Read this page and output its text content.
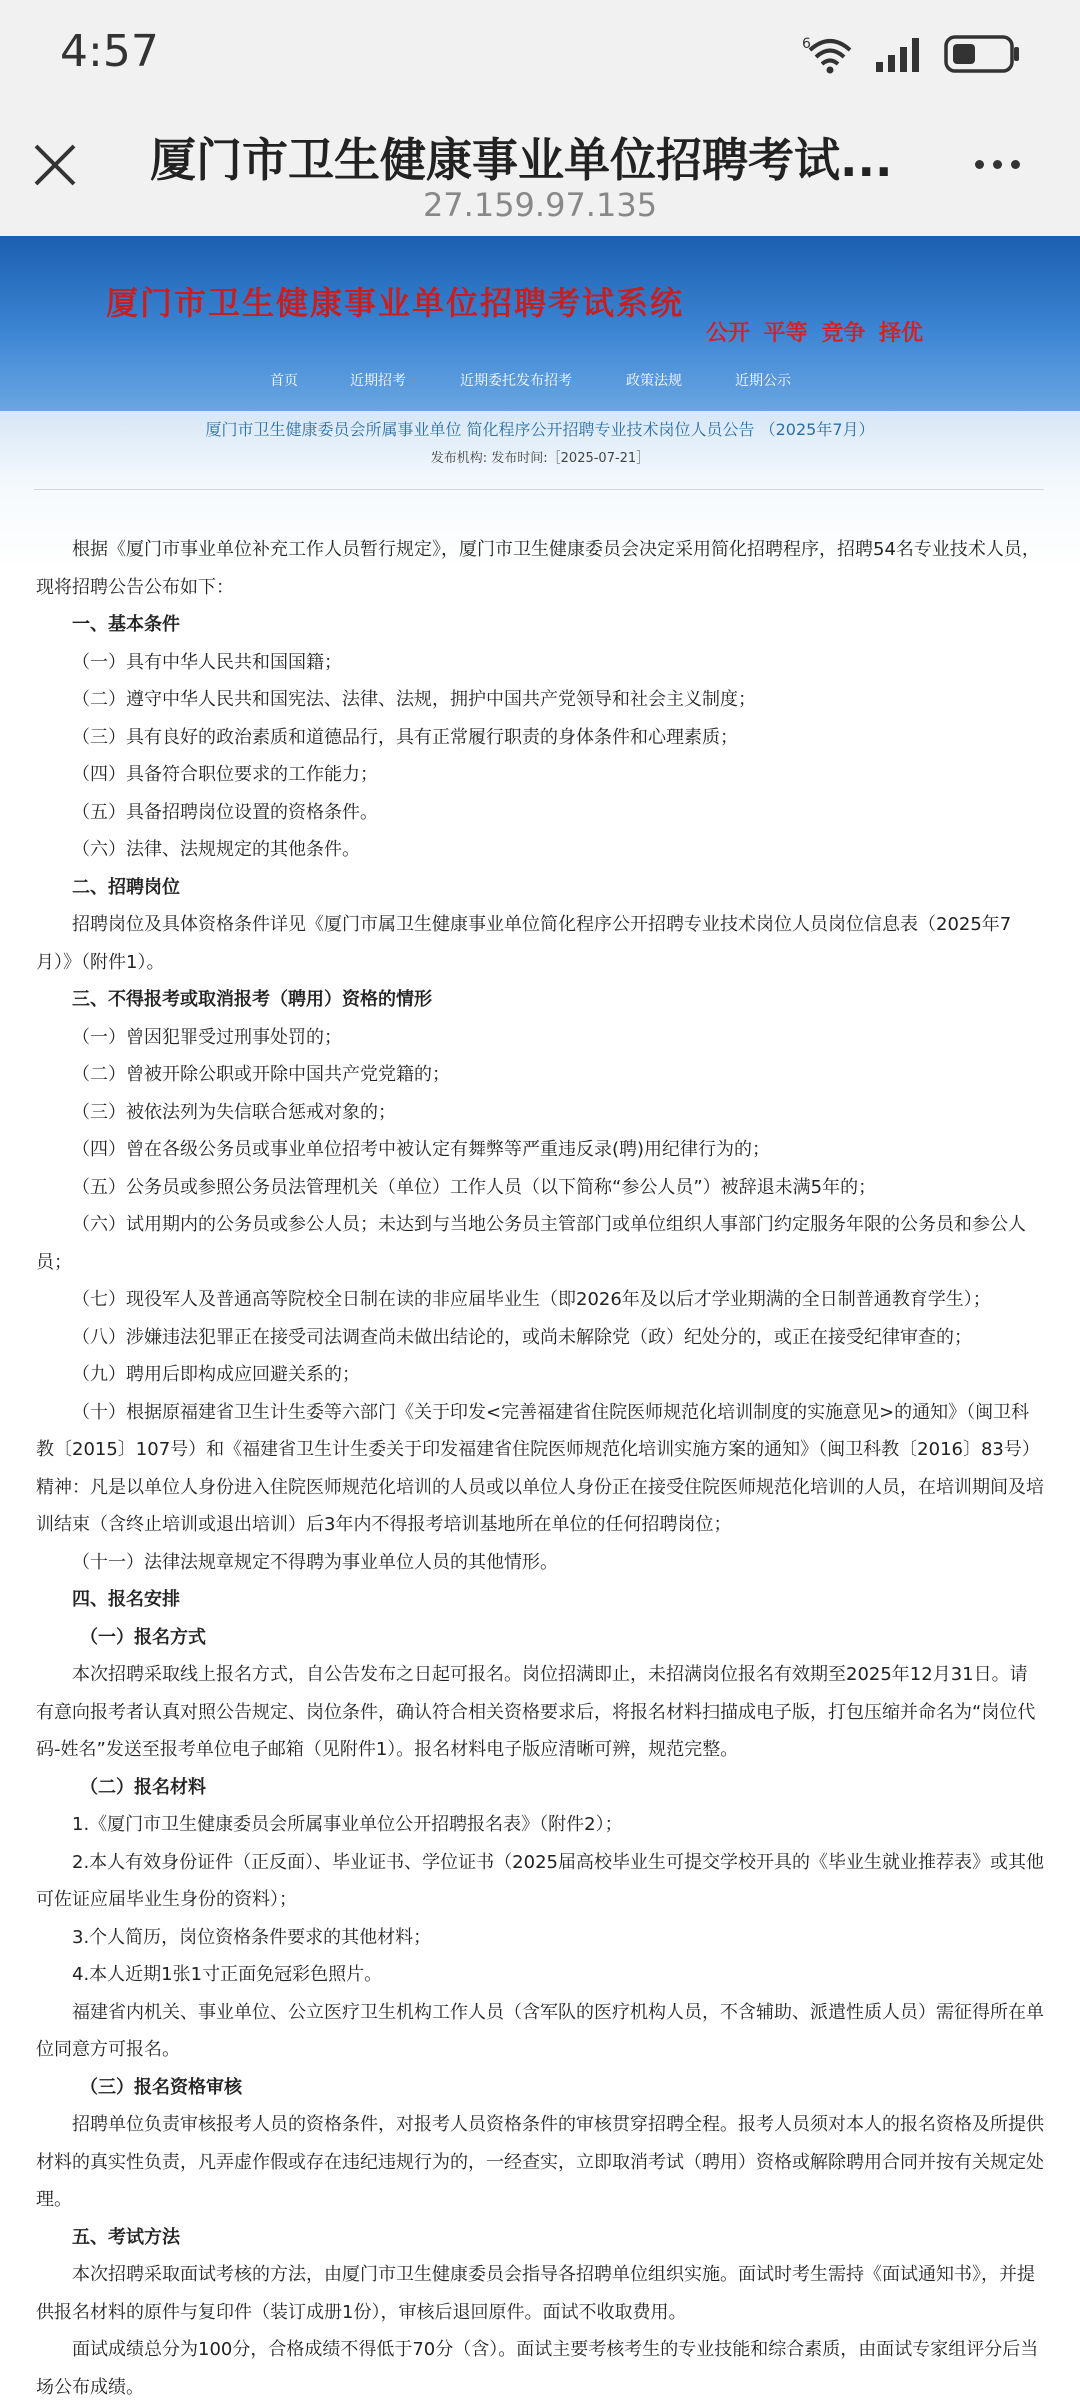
4:57	6
厦门市卫生健康事业单位招聘考试...
27.159.97.135
厦门市卫生健康事业单位招聘考试系统
公开 平等 竞争 择优
首页	近期招考	近期委托发布招考	政策法规	近期公示
厦门市卫生健康委员会所属事业单位 简化程序公开招聘专业技术岗位人员公告 （2025年7月）
发布机构: 发布时间:［2025-07-21］

根据《厦门市事业单位补充工作人员暂行规定》，厦门市卫生健康委员会决定采用简化招聘程序，招聘54名专业技术人员，现将招聘公告公布如下：

一、基本条件

（一）具有中华人民共和国国籍；

（二）遵守中华人民共和国宪法、法律、法规，拥护中国共产党领导和社会主义制度；

（三）具有良好的政治素质和道德品行，具有正常履行职责的身体条件和心理素质；

（四）具备符合职位要求的工作能力；

（五）具备招聘岗位设置的资格条件。

（六）法律、法规规定的其他条件。

二、招聘岗位

招聘岗位及具体资格条件详见《厦门市属卫生健康事业单位简化程序公开招聘专业技术岗位人员岗位信息表（2025年7月）》（附件1）。

三、不得报考或取消报考（聘用）资格的情形

（一）曾因犯罪受过刑事处罚的；

（二）曾被开除公职或开除中国共产党党籍的；

（三）被依法列为失信联合惩戒对象的；

（四）曾在各级公务员或事业单位招考中被认定有舞弊等严重违反录(聘)用纪律行为的；

（五）公务员或参照公务员法管理机关（单位）工作人员（以下简称“参公人员”）被辞退未满5年的；

（六）试用期内的公务员或参公人员；未达到与当地公务员主管部门或单位组织人事部门约定服务年限的公务员和参公人员；

（七）现役军人及普通高等院校全日制在读的非应届毕业生（即2026年及以后才学业期满的全日制普通教育学生）；

（八）涉嫌违法犯罪正在接受司法调查尚未做出结论的，或尚未解除党（政）纪处分的，或正在接受纪律审查的；

（九）聘用后即构成应回避关系的；

（十）根据原福建省卫生计生委等六部门《关于印发<完善福建省住院医师规范化培训制度的实施意见>的通知》（闽卫科教〔2015〕107号）和《福建省卫生计生委关于印发福建省住院医师规范化培训实施方案的通知》（闽卫科教〔2016〕83号）精神：凡是以单位人身份进入住院医师规范化培训的人员或以单位人身份正在接受住院医师规范化培训的人员，在培训期间及培训结束（含终止培训或退出培训）后3年内不得报考培训基地所在单位的任何招聘岗位；

（十一）法律法规章规定不得聘为事业单位人员的其他情形。

四、报名安排

（一）报名方式

本次招聘采取线上报名方式，自公告发布之日起可报名。岗位招满即止，未招满岗位报名有效期至2025年12月31日。请有意向报考者认真对照公告规定、岗位条件，确认符合相关资格要求后，将报名材料扫描成电子版，打包压缩并命名为“岗位代码-姓名”发送至报考单位电子邮箱（见附件1）。报名材料电子版应清晰可辨，规范完整。

（二）报名材料

1.《厦门市卫生健康委员会所属事业单位公开招聘报名表》（附件2）；

2.本人有效身份证件（正反面）、毕业证书、学位证书（2025届高校毕业生可提交学校开具的《毕业生就业推荐表》或其他可佐证应届毕业生身份的资料）；

3.个人简历，岗位资格条件要求的其他材料；

4.本人近期1张1寸正面免冠彩色照片。

福建省内机关、事业单位、公立医疗卫生机构工作人员（含军队的医疗机构人员，不含辅助、派遣性质人员）需征得所在单位同意方可报名。

（三）报名资格审核

招聘单位负责审核报考人员的资格条件，对报考人员资格条件的审核贯穿招聘全程。报考人员须对本人的报名资格及所提供材料的真实性负责，凡弄虚作假或存在违纪违规行为的，一经查实，立即取消考试（聘用）资格或解除聘用合同并按有关规定处理。

五、考试方法

本次招聘采取面试考核的方法，由厦门市卫生健康委员会指导各招聘单位组织实施。面试时考生需持《面试通知书》，并提供报名材料的原件与复印件（装订成册1份），审核后退回原件。面试不收取费用。

面试成绩总分为100分，合格成绩不得低于70分（含）。面试主要考核考生的专业技能和综合素质，由面试专家组评分后当场公布成绩。
